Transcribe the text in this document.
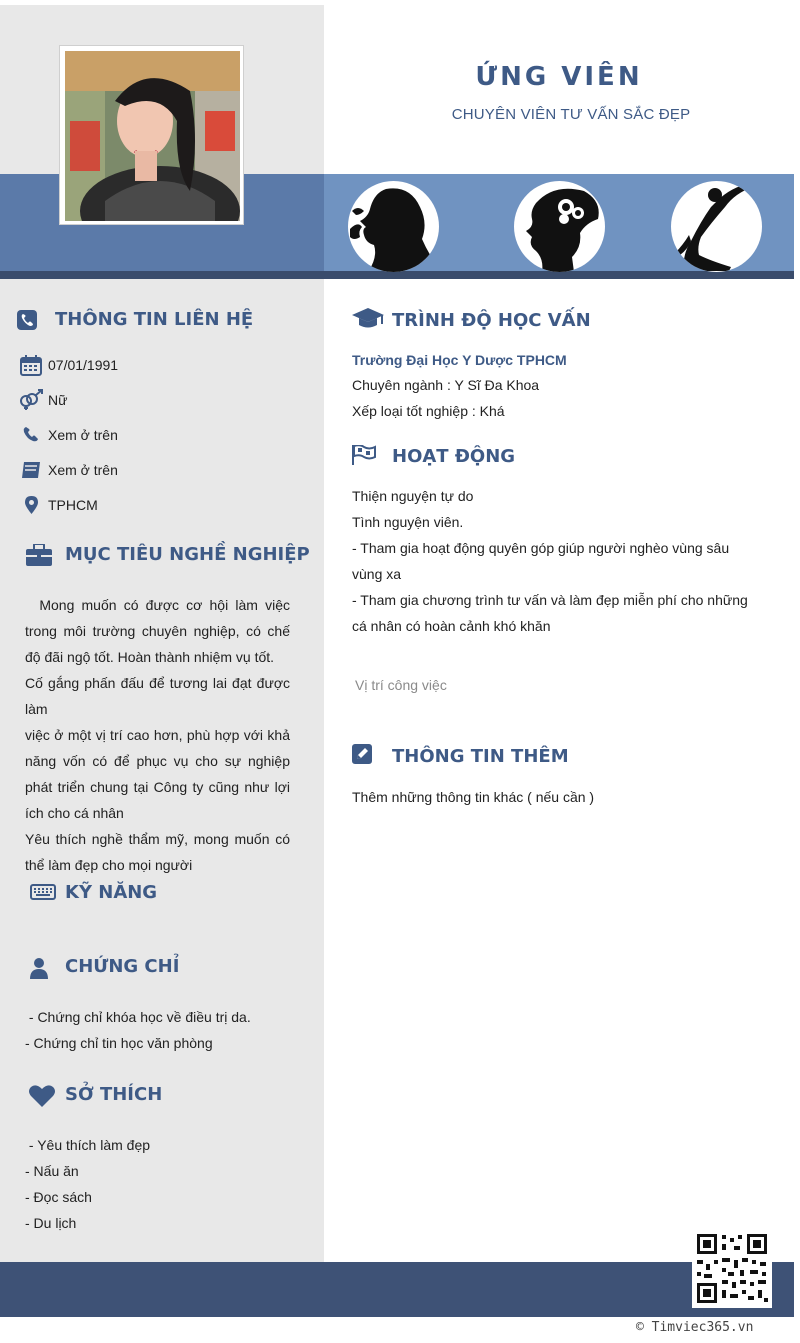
ỨNG VIÊN
CHUYÊN VIÊN TƯ VẤN SẮC ĐẸP
THÔNG TIN LIÊN HỆ
07/01/1991
Nữ
Xem ở trên
Xem ở trên
TPHCM
MỤC TIÊU NGHỀ NGHIỆP
Mong muốn có được cơ hội làm việc
trong môi trường chuyên nghiệp, có chế
độ đãi ngộ tốt. Hoàn thành nhiệm vụ tốt.
Cố gắng phấn đấu để tương lai đạt được làm
việc ở một vị trí cao hơn, phù hợp với khả
năng vốn có để phục vụ cho sự nghiệp
phát triển chung tại Công ty cũng như lợi
ích cho cá nhân
Yêu thích nghề thẩm mỹ, mong muốn có
thể làm đẹp cho mọi người
KỸ NĂNG
CHỨNG CHỈ
- Chứng chỉ khóa học về điều trị da.
- Chứng chỉ tin học văn phòng
SỞ THÍCH
- Yêu thích làm đẹp
- Nấu ăn
- Đọc sách
- Du lịch
TRÌNH ĐỘ HỌC VẤN
Trường Đại Học Y Dược TPHCM
Chuyên ngành : Y Sĩ Đa Khoa
Xếp loại tốt nghiệp : Khá
HOẠT ĐỘNG
Thiện nguyện tự do
Tình nguyện viên.
- Tham gia hoạt động quyên góp giúp người nghèo vùng sâu
vùng xa
- Tham gia chương trình tư vấn và làm đẹp miễn phí cho những
cá nhân có hoàn cảnh khó khăn
Vị trí công việc
THÔNG TIN THÊM
Thêm những thông tin khác ( nếu cần )
© Timviec365.vn
